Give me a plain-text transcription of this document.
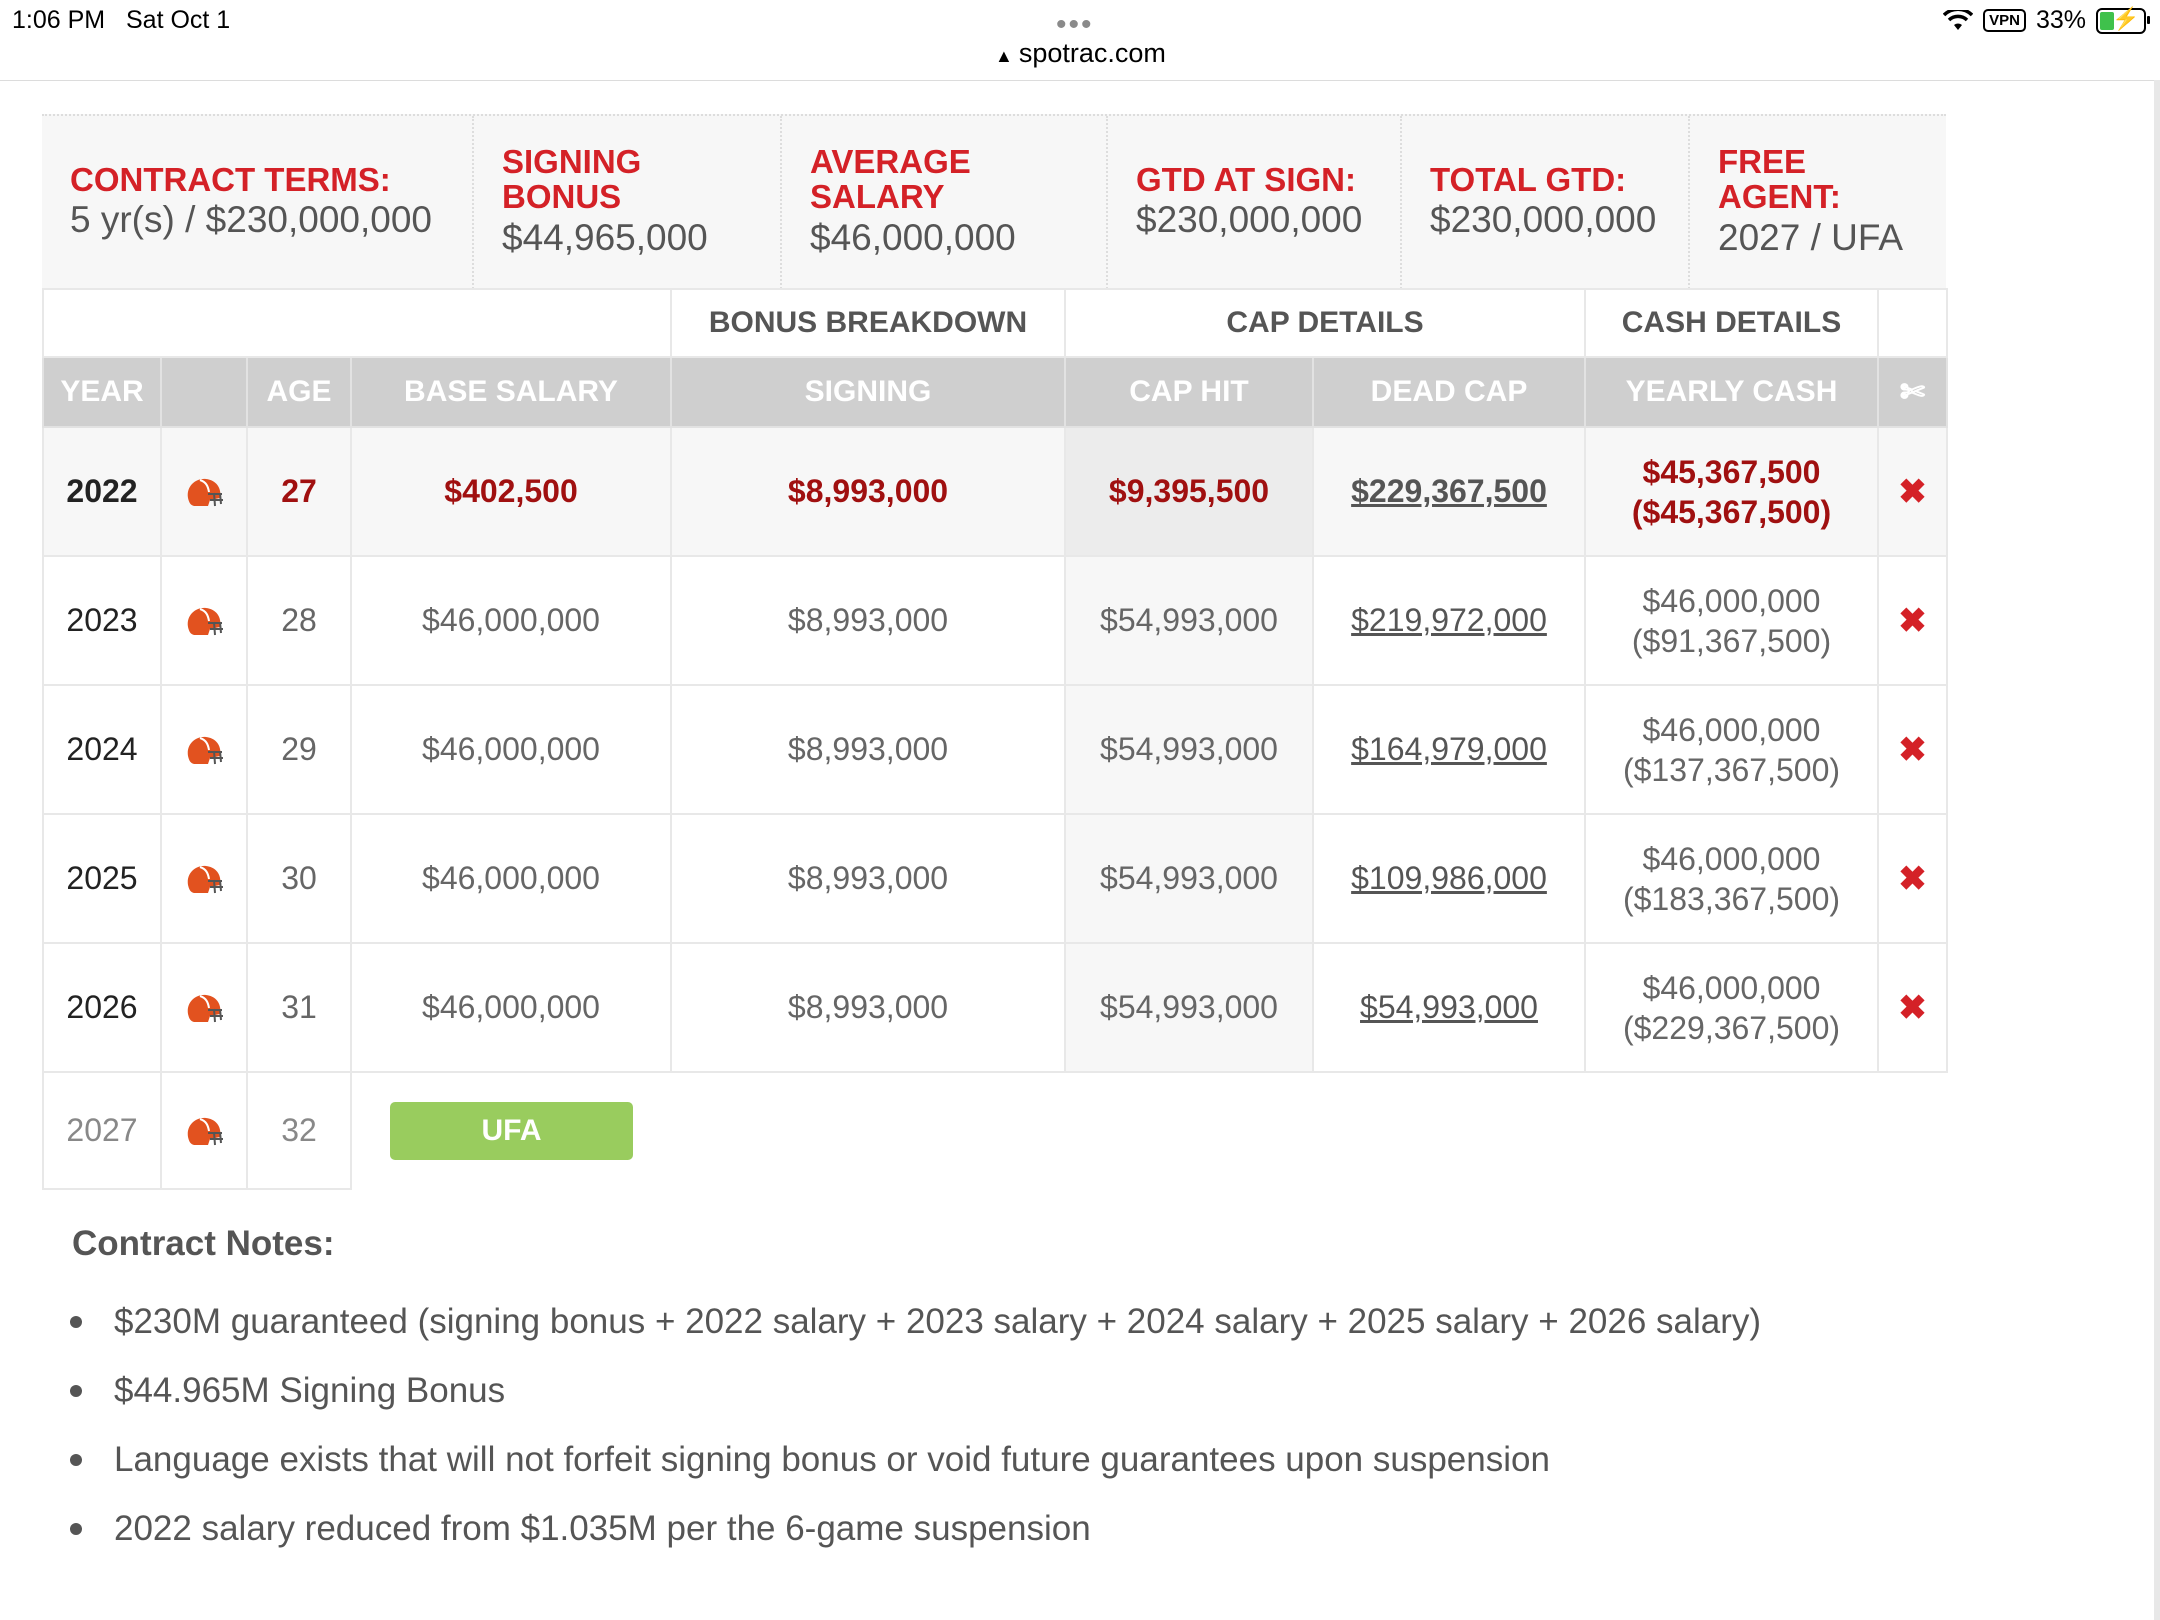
1:06 PM Sat Oct 1	•••
▲ spotrac.com
VPN 33% ⚡
CONTRACT TERMS:
5 yr(s) / $230,000,000
SIGNING
BONUS
$44,965,000
AVERAGE
SALARY
$46,000,000
GTD AT SIGN:
$230,000,000
TOTAL GTD:
$230,000,000
FREE
AGENT:
2027 / UFA
				BONUS BREAKDOWN	CAP DETAILS		CASH DETAILS	
YEAR		AGE	BASE SALARY	SIGNING	CAP HIT	DEAD CAP	YEARLY CASH	✄
2022		27	$402,500	$8,993,000	$9,395,500	$229,367,500	$45,367,500
($45,367,500)	✖
2023		28	$46,000,000	$8,993,000	$54,993,000	$219,972,000	$46,000,000
($91,367,500)	✖
2024		29	$46,000,000	$8,993,000	$54,993,000	$164,979,000	$46,000,000
($137,367,500)	✖
2025		30	$46,000,000	$8,993,000	$54,993,000	$109,986,000	$46,000,000
($183,367,500)	✖
2026		31	$46,000,000	$8,993,000	$54,993,000	$54,993,000	$46,000,000
($229,367,500)	✖
2027		32	UFA					
Contract Notes:
$230M guaranteed (signing bonus + 2022 salary + 2023 salary + 2024 salary + 2025 salary + 2026 salary)
$44.965M Signing Bonus
Language exists that will not forfeit signing bonus or void future guarantees upon suspension
2022 salary reduced from $1.035M per the 6-game suspension
